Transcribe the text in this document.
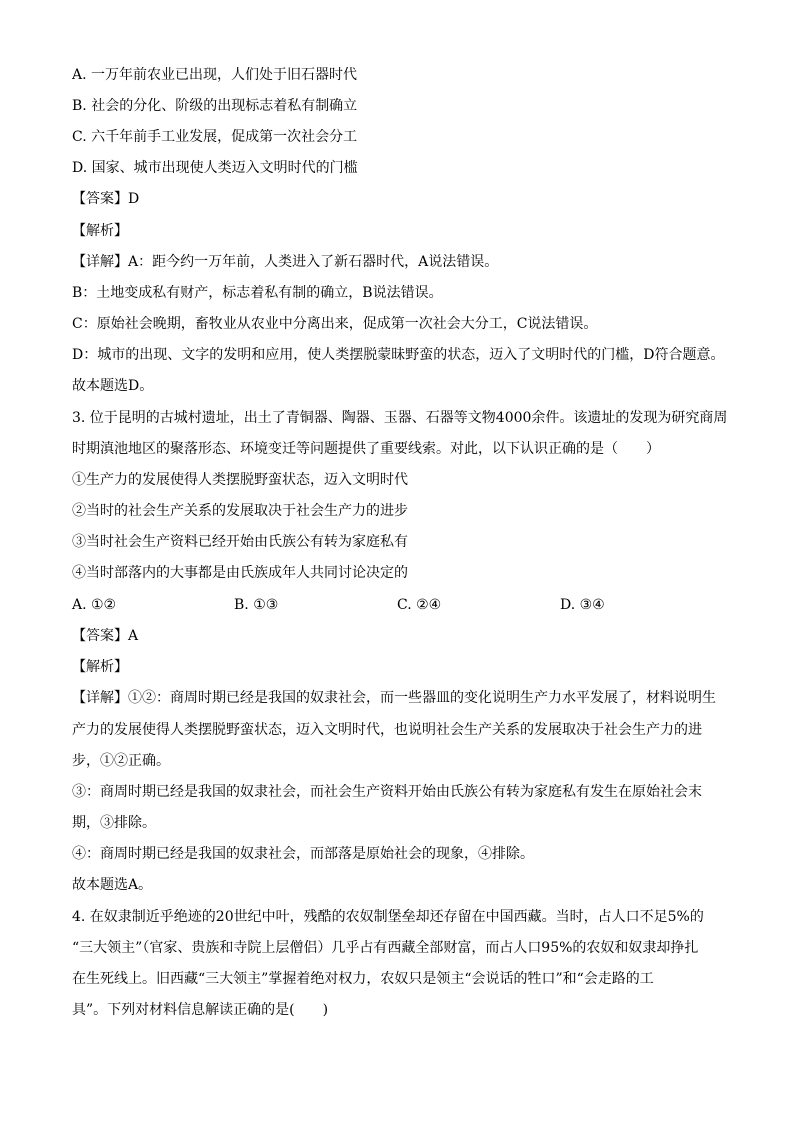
A. 一万年前农业已出现，人们处于旧石器时代
B. 社会的分化、阶级的出现标志着私有制确立
C. 六千年前手工业发展，促成第一次社会分工
D. 国家、城市出现使人类迈入文明时代的门槛
【答案】D
【解析】
【详解】A：距今约一万年前，人类进入了新石器时代，A说法错误。
B：土地变成私有财产，标志着私有制的确立，B说法错误。
C：原始社会晚期，畜牧业从农业中分离出来，促成第一次社会大分工，C说法错误。
D：城市的出现、文字的发明和应用，使人类摆脱蒙昧野蛮的状态，迈入了文明时代的门槛，D符合题意。
故本题选D。
3. 位于昆明的古城村遗址，出土了青铜器、陶器、玉器、石器等文物4000余件。该遗址的发现为研究商周
时期滇池地区的聚落形态、环境变迁等问题提供了重要线索。对此，以下认识正确的是（　　）
①生产力的发展使得人类摆脱野蛮状态，迈入文明时代
②当时的社会生产关系的发展取决于社会生产力的进步
③当时社会生产资料已经开始由氏族公有转为家庭私有
④当时部落内的大事都是由氏族成年人共同讨论决定的
A. ①②	B. ①③	C. ②④	D. ③④
【答案】A
【解析】
【详解】①②：商周时期已经是我国的奴隶社会，而一些器皿的变化说明生产力水平发展了，材料说明生
产力的发展使得人类摆脱野蛮状态，迈入文明时代，也说明社会生产关系的发展取决于社会生产力的进
步，①②正确。
③：商周时期已经是我国的奴隶社会，而社会生产资料开始由氏族公有转为家庭私有发生在原始社会末
期，③排除。
④：商周时期已经是我国的奴隶社会，而部落是原始社会的现象，④排除。
故本题选A。
4. 在奴隶制近乎绝迹的20世纪中叶，残酷的农奴制堡垒却还存留在中国西藏。当时，占人口不足5%的
“三大领主”（官家、贵族和寺院上层僧侣）几乎占有西藏全部财富，而占人口95%的农奴和奴隶却挣扎
在生死线上。旧西藏“三大领主”掌握着绝对权力，农奴只是领主“会说话的牲口”和“会走路的工
具”。下列对材料信息解读正确的是(　　)
